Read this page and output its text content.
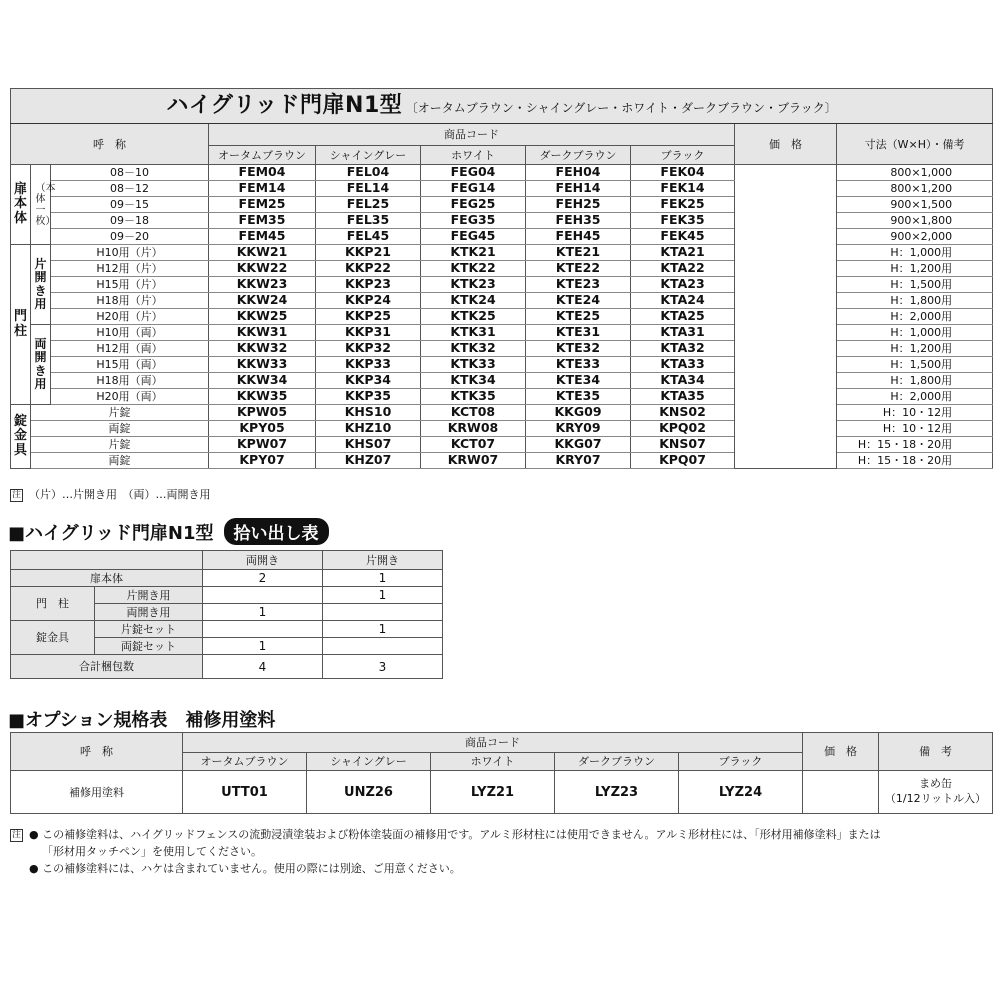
ハイグリッド門扉N1型 〔オータムブラウン・シャイングレー・ホワイト・ダークブラウン・ブラック〕									
呼　称			商品コード					価　格	寸法（W×H）・備考
			オータムブラウン	シャイングレー	ホワイト	ダークブラウン	ブラック		
扉本体	（本体一枚）	08－10	FEM04	FEL04	FEG04	FEH04	FEK04		800×1,000
		08－12	FEM14	FEL14	FEG14	FEH14	FEK14		800×1,200
		09－15	FEM25	FEL25	FEG25	FEH25	FEK25		900×1,500
		09－18	FEM35	FEL35	FEG35	FEH35	FEK35		900×1,800
		09－20	FEM45	FEL45	FEG45	FEH45	FEK45		900×2,000
門柱	片開き用	H10用（片）	KKW21	KKP21	KTK21	KTE21	KTA21		H：1,000用
		H12用（片）	KKW22	KKP22	KTK22	KTE22	KTA22		H：1,200用
		H15用（片）	KKW23	KKP23	KTK23	KTE23	KTA23		H：1,500用
		H18用（片）	KKW24	KKP24	KTK24	KTE24	KTA24		H：1,800用
		H20用（片）	KKW25	KKP25	KTK25	KTE25	KTA25		H：2,000用
	両開き用	H10用（両）	KKW31	KKP31	KTK31	KTE31	KTA31		H：1,000用
		H12用（両）	KKW32	KKP32	KTK32	KTE32	KTA32		H：1,200用
		H15用（両）	KKW33	KKP33	KTK33	KTE33	KTA33		H：1,500用
		H18用（両）	KKW34	KKP34	KTK34	KTE34	KTA34		H：1,800用
		H20用（両）	KKW35	KKP35	KTK35	KTE35	KTA35		H：2,000用
錠金具	片錠		KPW05	KHS10	KCT08	KKG09	KNS02		H：10・12用
	両錠		KPY05	KHZ10	KRW08	KRY09	KPQ02		H：10・12用
	片錠		KPW07	KHS07	KCT07	KKG07	KNS07		H：15・18・20用
	両錠		KPY07	KHZ07	KRW07	KRY07	KPQ07		H：15・18・20用
注 （片）…片開き用　（両）…両開き用
■ハイグリッド門扉N1型 拾い出し表
		両開き	片開き
扉本体		2	1
門　柱	片開き用		1
	両開き用	1	
錠金具	片錠セット		1
	両錠セット	1	
合計梱包数		4	3
■オプション規格表　補修用塗料
呼　称	商品コード					価　格	備　考
	オータムブラウン	シャイングレー	ホワイト	ダークブラウン	ブラック		
補修用塗料	UTT01	UNZ26	LYZ21	LYZ23	LYZ24		まめ缶
（1/12リットル入）
注 ● この補修塗料は、ハイグリッドフェンスの流動浸漬塗装および粉体塗装面の補修用です。アルミ形材柱には使用できません。アルミ形材柱には、「形材用補修塗料」または
「形材用タッチペン」を使用してください。
● この補修塗料には、ハケは含まれていません。使用の際には別途、ご用意ください。
